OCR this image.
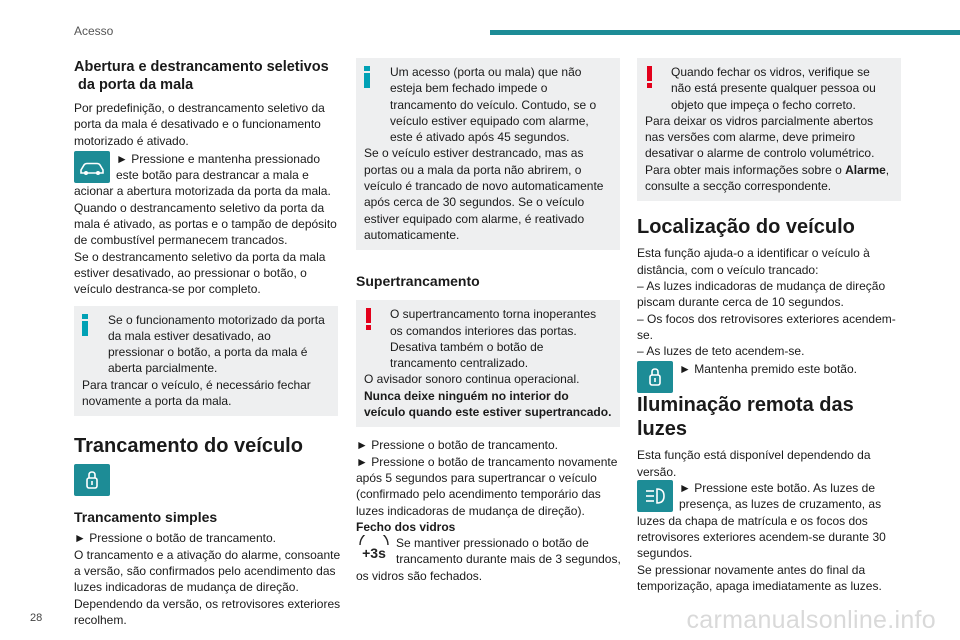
Acesso

Abertura e destrancamento seletivos da porta da mala

Por predefinição, o destrancamento seletivo da porta da mala é desativado e o funcionamento motorizado é ativado.

► Pressione e mantenha pressionado este botão para destrancar a mala e acionar a abertura motorizada da porta da mala.

Quando o destrancamento seletivo da porta da mala é ativado, as portas e o tampão de depósito de combustível permanecem trancados.

Se o destrancamento seletivo da porta da mala estiver desativado, ao pressionar o botão, o veículo destranca-se por completo.

Se o funcionamento motorizado da porta da mala estiver desativado, ao pressionar o botão, a porta da mala é aberta parcialmente.

Para trancar o veículo, é necessário fechar novamente a porta da mala.

Trancamento do veículo

Trancamento simples

► Pressione o botão de trancamento.

O trancamento e a ativação do alarme, consoante a versão, são confirmados pelo acendimento das luzes indicadoras de mudança de direção.

Dependendo da versão, os retrovisores exteriores recolhem.

Um acesso (porta ou mala) que não esteja bem fechado impede o trancamento do veículo. Contudo, se o veículo estiver equipado com alarme, este é ativado após 45 segundos.

Se o veículo estiver destrancado, mas as portas ou a mala da porta não abrirem, o veículo é trancado de novo automaticamente após cerca de 30 segundos. Se o veículo estiver equipado com alarme, é reativado automaticamente.

Supertrancamento

O supertrancamento torna inoperantes os comandos interiores das portas. Desativa também o botão de trancamento centralizado.

O avisador sonoro continua operacional.

Nunca deixe ninguém no interior do veículo quando este estiver supertrancado.

► Pressione o botão de trancamento.

► Pressione o botão de trancamento novamente após 5 segundos para supertrancar o veículo (confirmado pelo acendimento temporário das luzes indicadoras de mudança de direção).

Fecho dos vidros

+3s

Se mantiver pressionado o botão de trancamento durante mais de 3 segundos, os vidros são fechados.

Quando fechar os vidros, verifique se não está presente qualquer pessoa ou objeto que impeça o fecho correto.

Para deixar os vidros parcialmente abertos nas versões com alarme, deve primeiro desativar o alarme de controlo volumétrico.

Para obter mais informações sobre o Alarme, consulte a secção correspondente.

Localização do veículo

Esta função ajuda-o a identificar o veículo à distância, com o veículo trancado:

– As luzes indicadoras de mudança de direção piscam durante cerca de 10 segundos.

– Os focos dos retrovisores exteriores acendem-se.

– As luzes de teto acendem-se.

► Mantenha premido este botão.

Iluminação remota das luzes

Esta função está disponível dependendo da versão.

► Pressione este botão. As luzes de presença, as luzes de cruzamento, as luzes da chapa de matrícula e os focos dos retrovisores exteriores acendem-se durante 30 segundos.

Se pressionar novamente antes do final da temporização, apaga imediatamente as luzes.

28	carmanualsonline.info
